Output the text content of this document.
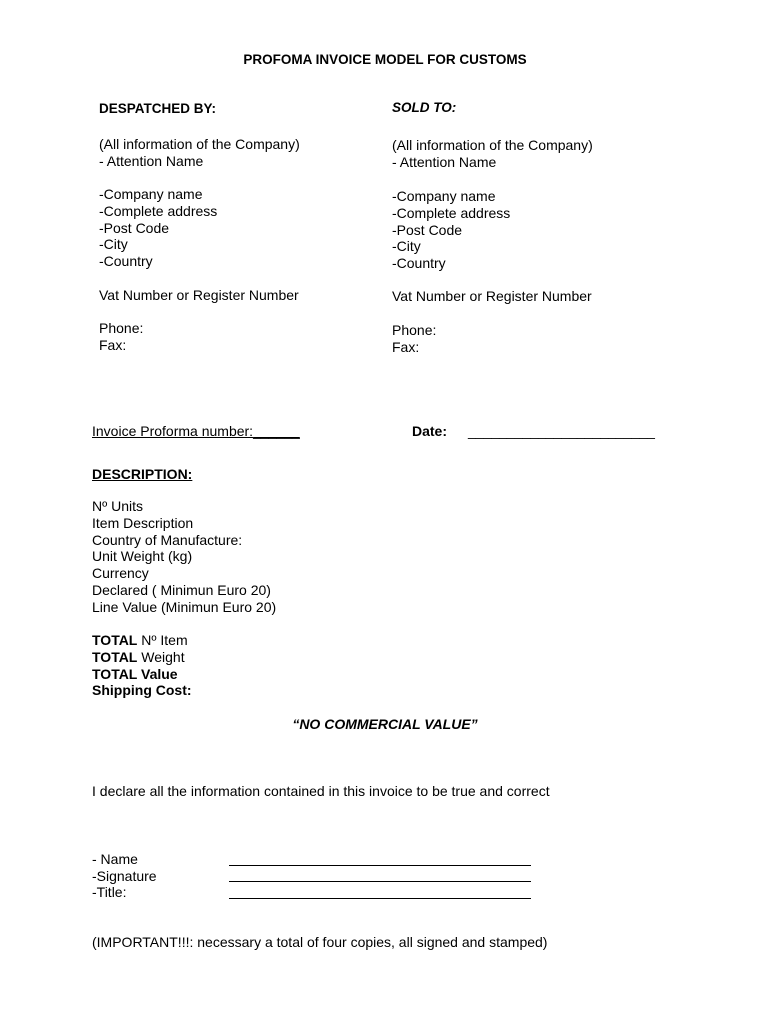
PROFOMA INVOICE MODEL FOR CUSTOMS
DESPATCHED BY:
(All information of the Company)
- Attention Name
-Company name
-Complete address
-Post Code
-City
-Country
Vat Number or Register Number
Phone:
Fax:
SOLD TO:
(All information of the Company)
- Attention Name
-Company name
-Complete address
-Post Code
-City
-Country
Vat Number or Register Number
Phone:
Fax:
Invoice Proforma number:______	Date: ________________________
DESCRIPTION:
Nº Units
Item Description
Country of Manufacture:
Unit Weight (kg)
Currency
Declared ( Minimun Euro 20)
Line Value (Minimun Euro 20)
TOTAL Nº Item
TOTAL Weight
TOTAL Value
Shipping Cost:
“NO COMMERCIAL VALUE”
I declare all the information contained in this invoice to be true and correct
- Name
-Signature
-Title:
(IMPORTANT!!!: necessary a total of four copies, all signed and stamped)
